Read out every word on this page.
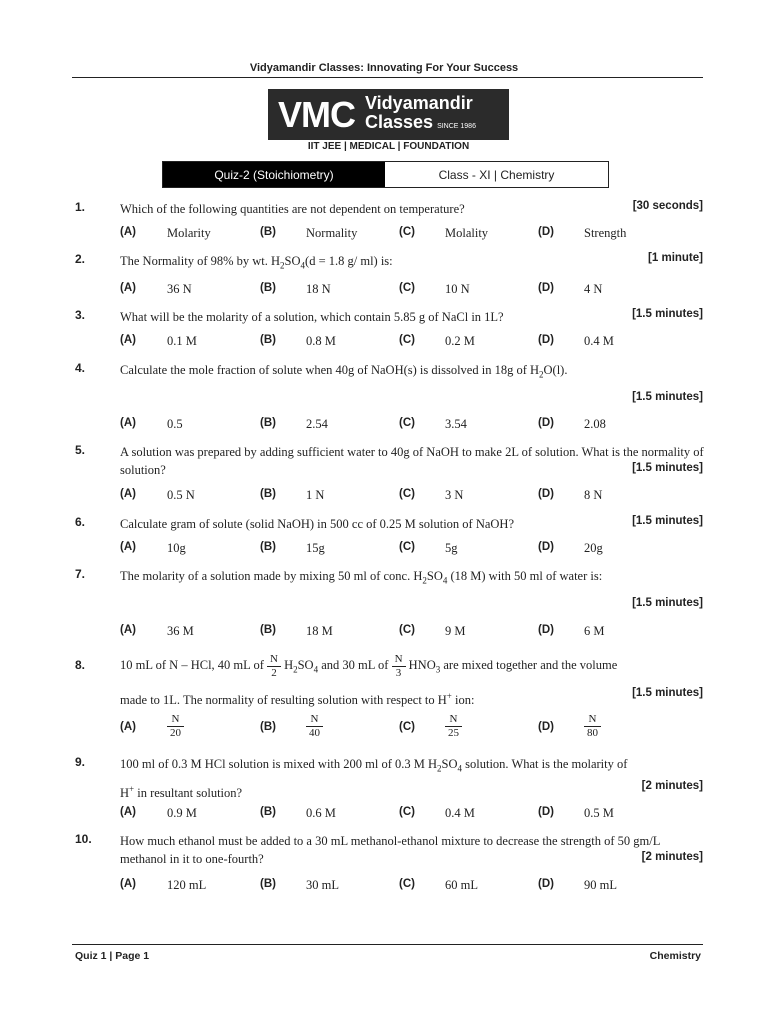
Vidyamandir Classes: Innovating For Your Success
VMC Vidyamandir
Classes SINCE 1986
IIT JEE | MEDICAL | FOUNDATION
Quiz-2 (Stoichiometry)	Class - XI | Chemistry
1.	Which of the following quantities are not dependent on temperature?	[30 seconds]
(A) Molarity	(B) Normality	(C) Molality	(D) Strength
2.	The Normality of 98% by wt. $H_2SO_4(d = 1.8$ g/ ml) is:	[1 minute]
(A) 36 N	(B) 18 N	(C) 10 N	(D) 4 N
3.	What will be the molarity of a solution, which contain 5.85 g of NaCl in 1L?	[1.5 minutes]
(A) 0.1 M	(B) 0.8 M	(C) 0.2 M	(D) 0.4 M
4.	Calculate the mole fraction of solute when 40g of NaOH(s) is dissolved in 18g of $H_2O(l)$.
[1.5 minutes]
(A) 0.5	(B) 2.54	(C) 3.54	(D) 2.08
5.	A solution was prepared by adding sufficient water to 40g of NaOH to make 2L of solution. What is the normality of solution?	[1.5 minutes]
(A) 0.5 N	(B) 1 N	(C) 3 N	(D) 8 N
6.	Calculate gram of solute (solid NaOH) in 500 cc of 0.25 M solution of NaOH?	[1.5 minutes]
(A) 10g	(B) 15g	(C) 5g	(D) 20g
7.	The molarity of a solution made by mixing 50 ml of conc. $H_2SO_4$ (18 M) with 50 ml of water is:
[1.5 minutes]
(A) 36 M	(B) 18 M	(C) 9 M	(D) 6 M
8.	10 mL of N – HCl, 40 mL of $\frac{N}{2} H_2SO_4$ and 30 mL of $\frac{N}{3} HNO_3$ are mixed together and the volume
made to 1L. The normality of resulting solution with respect to H+ ion:
[1.5 minutes]
(A)	$\frac{N}{20}$	(B)	$\frac{N}{40}$	(C)	$\frac{N}{25}$	(D)	$\frac{N}{80}$
9.	100 ml of 0.3 M HCl solution is mixed with 200 ml of 0.3 M $H_2SO_4$ solution. What is the molarity of
H+ in resultant solution?
[2 minutes]
(A) 0.9 M	(B) 0.6 M	(C) 0.4 M	(D) 0.5 M
10. How much ethanol must be added to a 30 mL methanol-ethanol mixture to decrease the strength of 50 gm/L methanol in it to one-fourth?	[2 minutes]
(A) 120 mL	(B) 30 mL	(C) 60 mL	(D) 90 mL
Quiz 1 | Page 1	Chemistry
